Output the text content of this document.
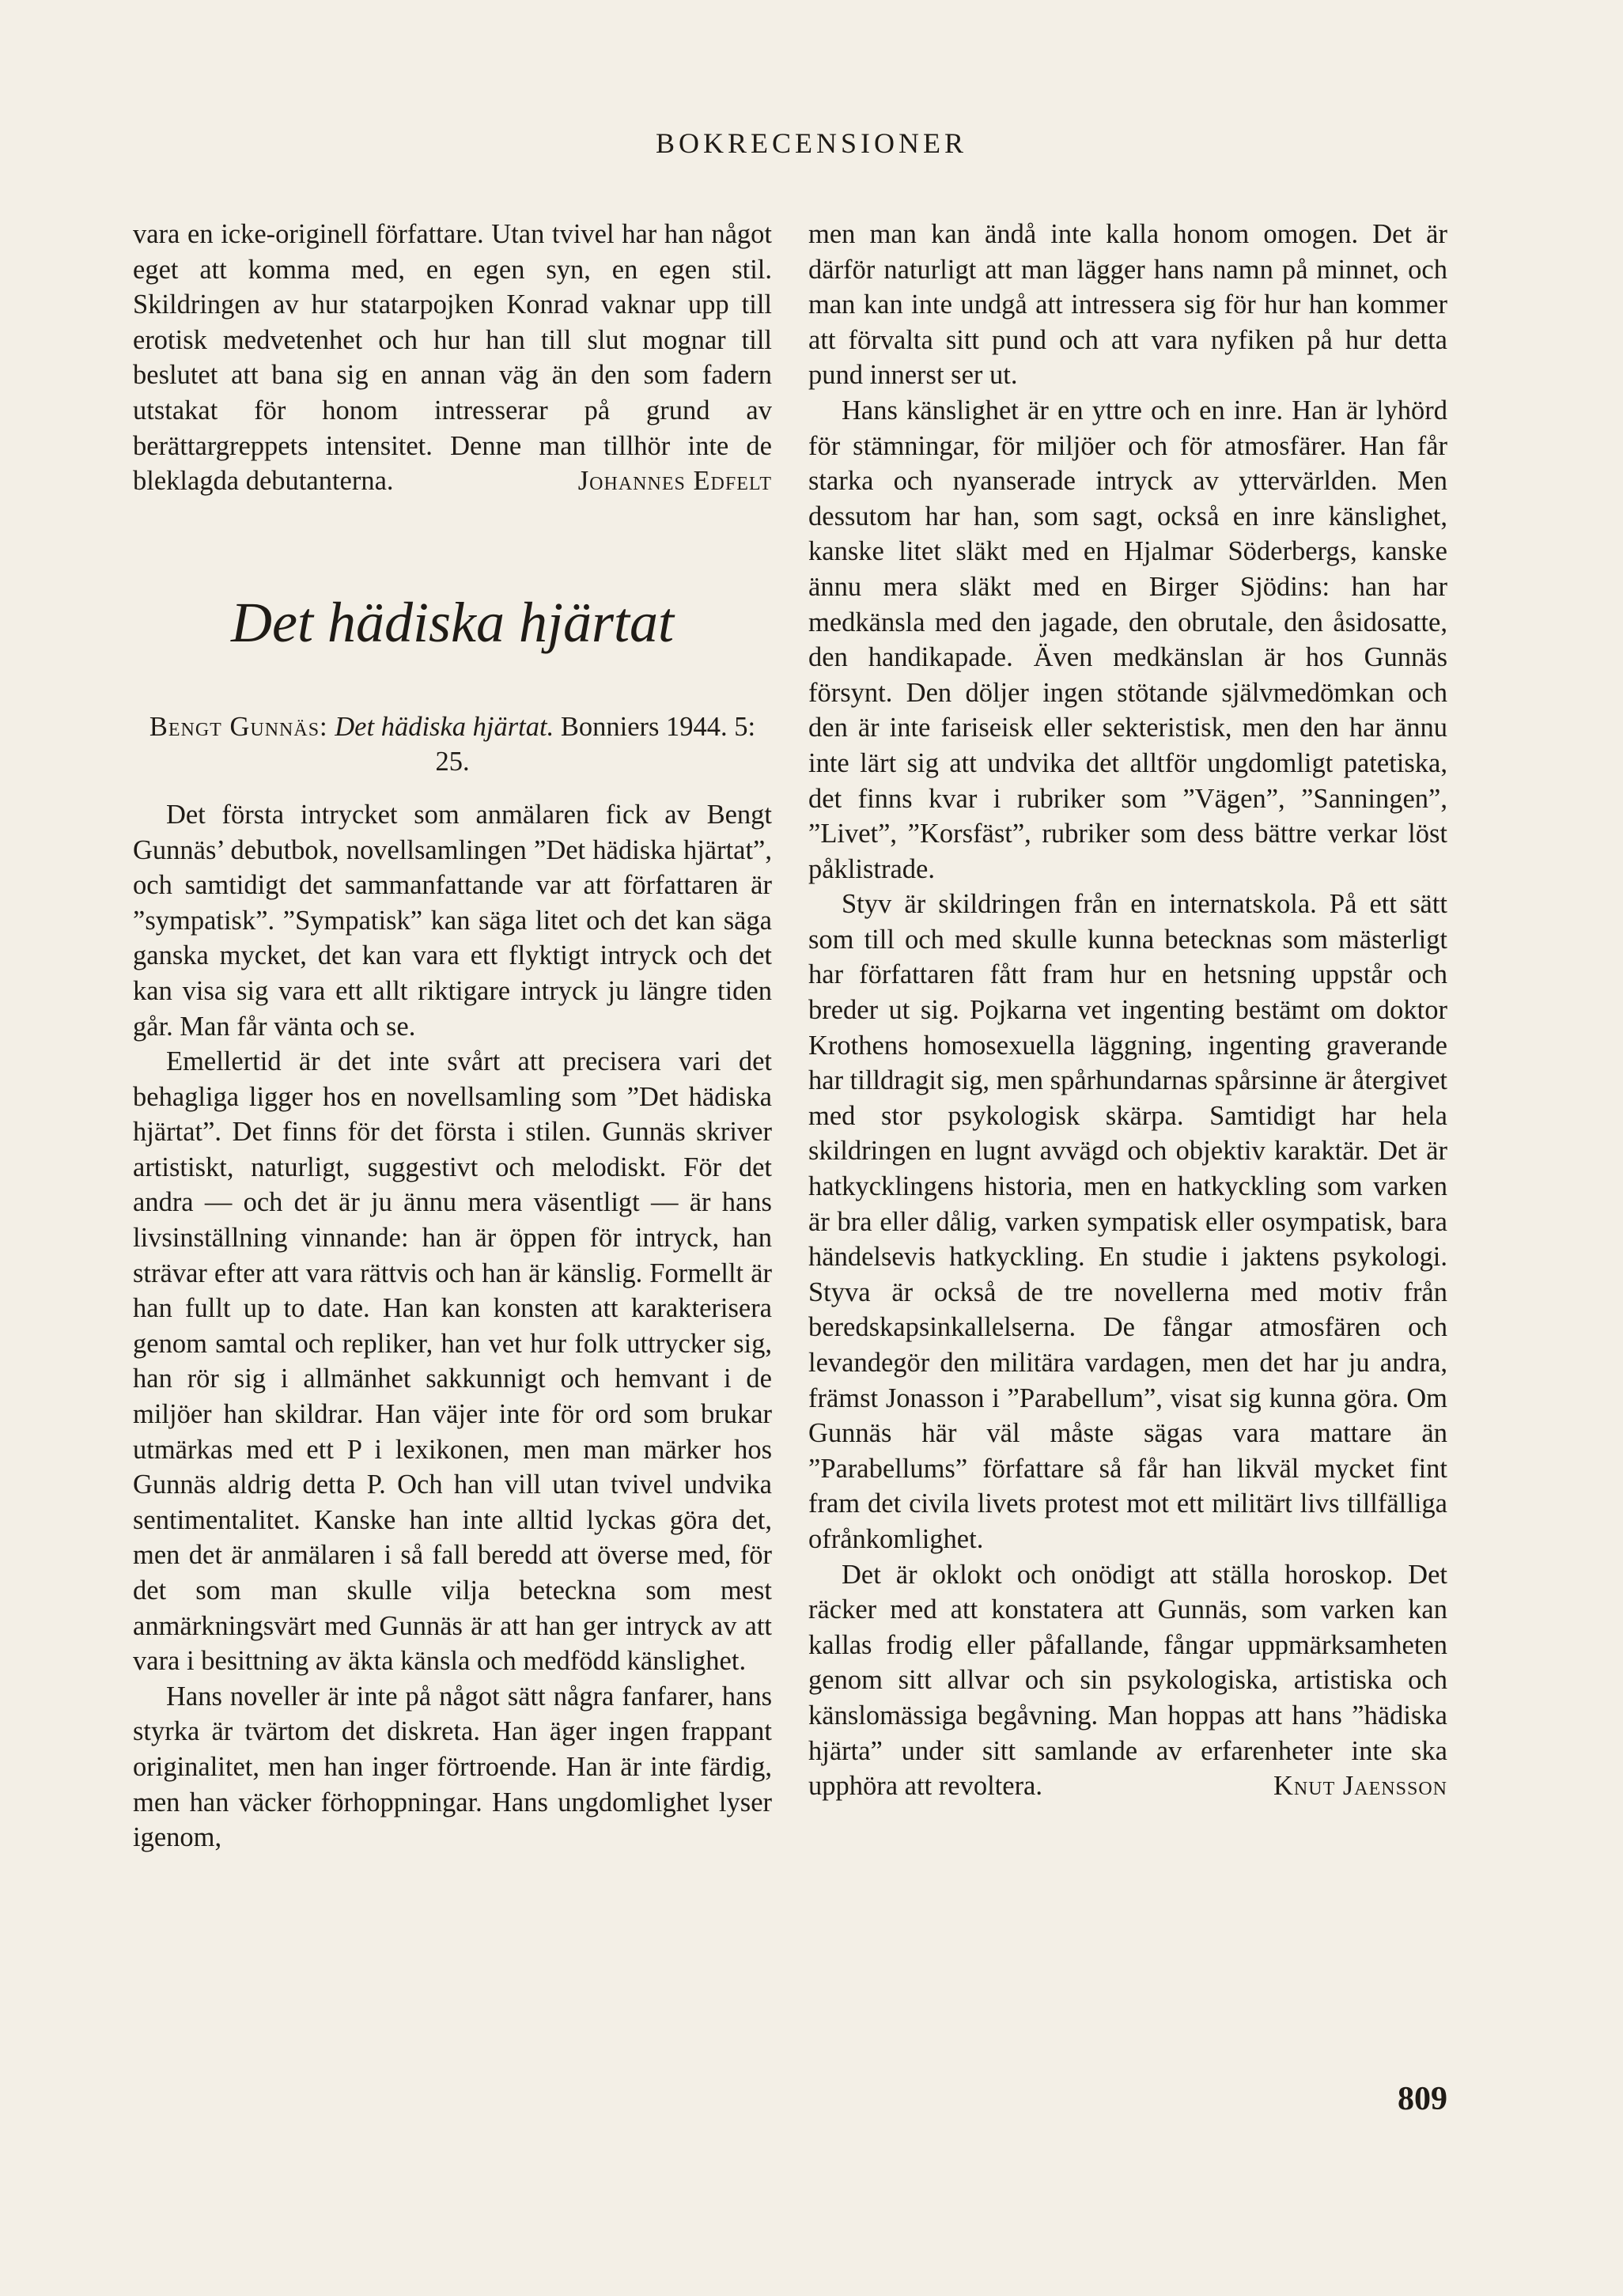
BOKRECENSIONER

vara en icke-originell författare. Utan tvivel har han något eget att komma med, en egen syn, en egen stil. Skildringen av hur statarpojken Konrad vaknar upp till erotisk medvetenhet och hur han till slut mognar till beslutet att bana sig en annan väg än den som fadern utstakat för honom intresserar på grund av berättargreppets intensitet. Denne man tillhör inte de bleklagda debutanterna.	Johannes Edfelt

Det hädiska hjärtat
Bengt Gunnäs: Det hädiska hjärtat. Bonniers 1944. 5: 25.

Det första intrycket som anmälaren fick av Bengt Gunnäs’ debutbok, novellsamlingen ”Det hädiska hjärtat”, och samtidigt det sammanfattande var att författaren är ”sympatisk”. ”Sympatisk” kan säga litet och det kan säga ganska mycket, det kan vara ett flyktigt intryck och det kan visa sig vara ett allt riktigare intryck ju längre tiden går. Man får vänta och se.

Emellertid är det inte svårt att precisera vari det behagliga ligger hos en novellsamling som ”Det hädiska hjärtat”. Det finns för det första i stilen. Gunnäs skriver artistiskt, naturligt, suggestivt och melodiskt. För det andra — och det är ju ännu mera väsentligt — är hans livsinställning vinnande: han är öppen för intryck, han strävar efter att vara rättvis och han är känslig. Formellt är han fullt up to date. Han kan konsten att karakterisera genom samtal och repliker, han vet hur folk uttrycker sig, han rör sig i allmänhet sakkunnigt och hemvant i de miljöer han skildrar. Han väjer inte för ord som brukar utmärkas med ett P i lexikonen, men man märker hos Gunnäs aldrig detta P. Och han vill utan tvivel undvika sentimentalitet. Kanske han inte alltid lyckas göra det, men det är anmälaren i så fall beredd att överse med, för det som man skulle vilja beteckna som mest anmärkningsvärt med Gunnäs är att han ger intryck av att vara i besittning av äkta känsla och medfödd känslighet.

Hans noveller är inte på något sätt några fanfarer, hans styrka är tvärtom det diskreta. Han äger ingen frappant originalitet, men han inger förtroende. Han är inte färdig, men han väcker förhoppningar. Hans ungdomlighet lyser igenom,

men man kan ändå inte kalla honom omogen. Det är därför naturligt att man lägger hans namn på minnet, och man kan inte undgå att intressera sig för hur han kommer att förvalta sitt pund och att vara nyfiken på hur detta pund innerst ser ut.

Hans känslighet är en yttre och en inre. Han är lyhörd för stämningar, för miljöer och för atmosfärer. Han får starka och nyanserade intryck av yttervärlden. Men dessutom har han, som sagt, också en inre känslighet, kanske litet släkt med en Hjalmar Söderbergs, kanske ännu mera släkt med en Birger Sjödins: han har medkänsla med den jagade, den obrutale, den åsidosatte, den handikapade. Även medkänslan är hos Gunnäs försynt. Den döljer ingen stötande självmedömkan och den är inte fariseisk eller sekteristisk, men den har ännu inte lärt sig att undvika det alltför ungdomligt patetiska, det finns kvar i rubriker som ”Vägen”, ”Sanningen”, ”Livet”, ”Korsfäst”, rubriker som dess bättre verkar löst påklistrade.

Styv är skildringen från en internatskola. På ett sätt som till och med skulle kunna betecknas som mästerligt har författaren fått fram hur en hetsning uppstår och breder ut sig. Pojkarna vet ingenting bestämt om doktor Krothens homosexuella läggning, ingenting graverande har tilldragit sig, men spårhundarnas spårsinne är återgivet med stor psykologisk skärpa. Samtidigt har hela skildringen en lugnt avvägd och objektiv karaktär. Det är hatkycklingens historia, men en hatkyckling som varken är bra eller dålig, varken sympatisk eller osympatisk, bara händelsevis hatkyckling. En studie i jaktens psykologi. Styva är också de tre novellerna med motiv från beredskapsinkallelserna. De fångar atmosfären och levandegör den militära vardagen, men det har ju andra, främst Jonasson i ”Parabellum”, visat sig kunna göra. Om Gunnäs här väl måste sägas vara mattare än ”Parabellums” författare så får han likväl mycket fint fram det civila livets protest mot ett militärt livs tillfälliga ofrånkomlighet.

Det är oklokt och onödigt att ställa horoskop. Det räcker med att konstatera att Gunnäs, som varken kan kallas frodig eller påfallande, fångar uppmärksamheten genom sitt allvar och sin psykologiska, artistiska och känslomässiga begåvning. Man hoppas att hans ”hädiska hjärta” under sitt samlande av erfarenheter inte ska upphöra att revoltera.	Knut Jaensson

809
